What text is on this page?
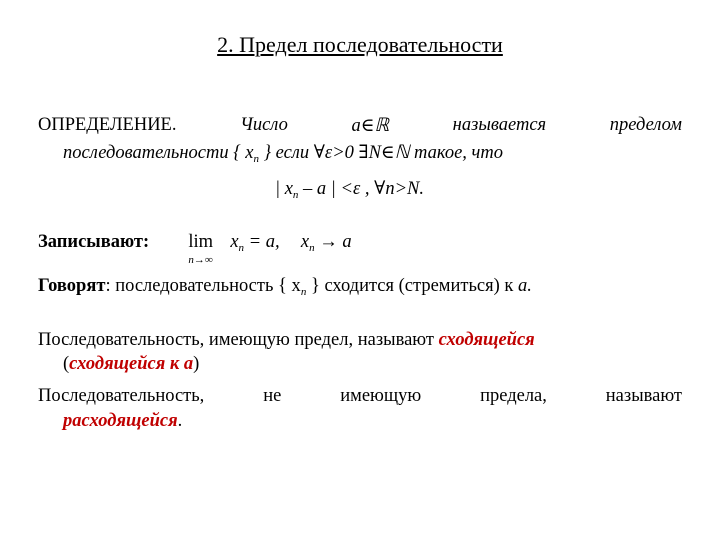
2. Предел последовательности
ОПРЕДЕЛЕНИЕ.	Число	a∈ℝ	называется	пределом
последовательности { $x_n$ } если ∀ε>0 ∃N∈ℕ такое, что
| $x_n$ – a | <ε , ∀n>N.
Записывают: lim
n→∞
$x_n = a$, $x_n \to a$
Говорят: последовательность { $x_n$ } сходится (стремиться) к a.
Последовательность, имеющую предел, называют сходящейся
(сходящейся к a)
Последовательность,	не	имеющую	предела,	называют
расходящейся.
